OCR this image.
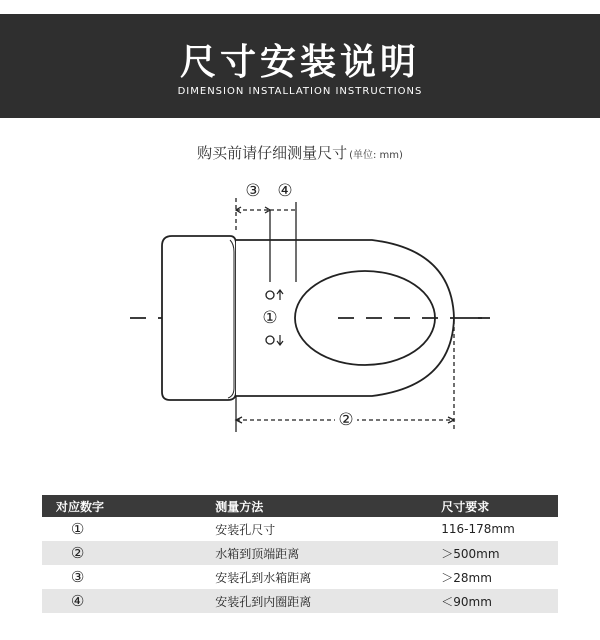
尺寸安装说明
DIMENSION INSTALLATION INSTRUCTIONS
购买前请仔细测量尺寸 (单位: mm)
③ ④
①
②
对应数字	测量方法	尺寸要求
①	安装孔尺寸	116-178mm
②	水箱到顶端距离	＞500mm
③	安装孔到水箱距离	＞28mm
④	安装孔到内圈距离	＜90mm
